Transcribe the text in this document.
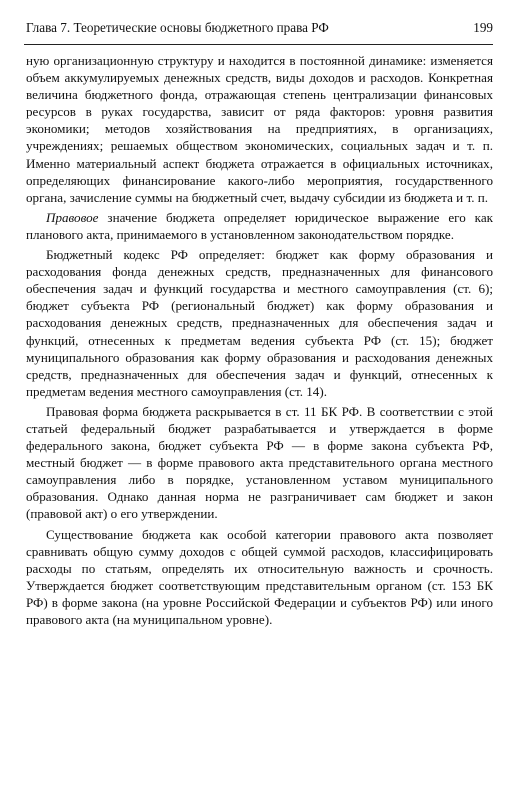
Глава 7. Теоретические основы бюджетного права РФ	199

ную организационную структуру и находится в постоянной динамике: изменяется объем аккумулируемых денежных средств, виды доходов и расходов. Конкретная величина бюджетного фонда, отражающая степень централизации финансовых ресурсов в руках государства, зависит от ряда факторов: уровня развития экономики; методов хозяйствования на предприятиях, в организациях, учреждениях; решаемых обществом экономических, социальных задач и т. п. Именно материальный аспект бюджета отражается в официальных источниках, определяющих финансирование какого-либо мероприятия, государственного органа, зачисление суммы на бюджетный счет, выдачу субсидии из бюджета и т. п.

Правовое значение бюджета определяет юридическое выражение его как планового акта, принимаемого в установленном законодательством порядке.

Бюджетный кодекс РФ определяет: бюджет как форму образования и расходования фонда денежных средств, предназначенных для финансового обеспечения задач и функций государства и местного самоуправления (ст. 6); бюджет субъекта РФ (региональный бюджет) как форму образования и расходования денежных средств, предназначенных для обеспечения задач и функций, отнесенных к предметам ведения субъекта РФ (ст. 15); бюджет муниципального образования как форму образования и расходования денежных средств, предназначенных для обеспечения задач и функций, отнесенных к предметам ведения местного самоуправления (ст. 14).

Правовая форма бюджета раскрывается в ст. 11 БК РФ. В соответствии с этой статьей федеральный бюджет разрабатывается и утверждается в форме федерального закона, бюджет субъекта РФ — в форме закона субъекта РФ, местный бюджет — в форме правового акта представительного органа местного самоуправления либо в порядке, установленном уставом муниципального образования. Однако данная норма не разграничивает сам бюджет и закон (правовой акт) о его утверждении.

Существование бюджета как особой категории правового акта позволяет сравнивать общую сумму доходов с общей суммой расходов, классифицировать расходы по статьям, определять их относительную важность и срочность. Утверждается бюджет соответствующим представительным органом (ст. 153 БК РФ) в форме закона (на уровне Российской Федерации и субъектов РФ) или иного правового акта (на муниципальном уровне).
